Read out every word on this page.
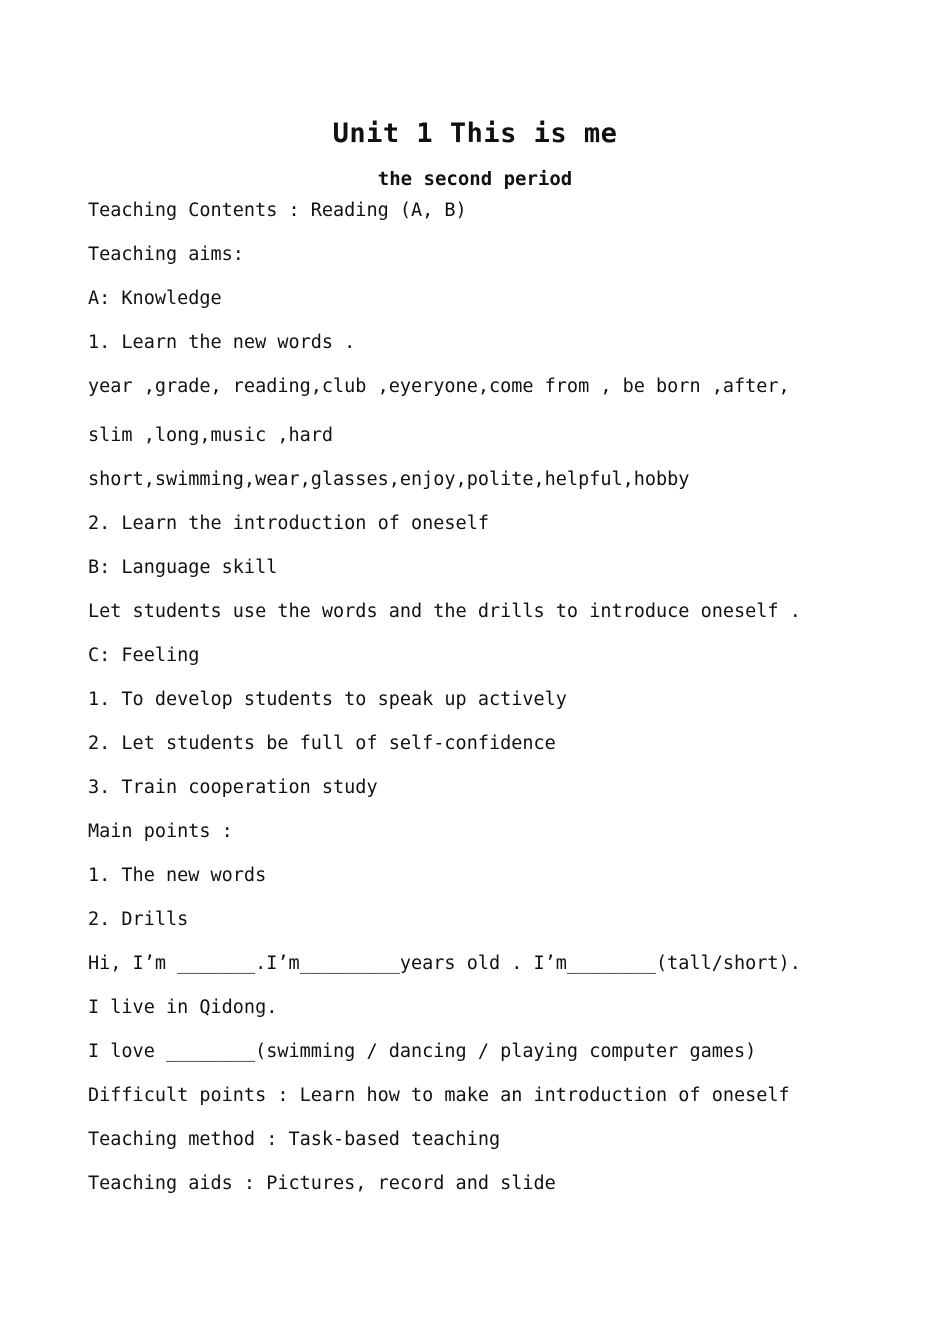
Unit 1 This is me
the second period
Teaching Contents : Reading (A, B)
Teaching aims:
A: Knowledge
1. Learn the new words .
year ,grade, reading,club ,eyeryone,come from , be born ,after,
slim ,long,music ,hard
short,swimming,wear,glasses,enjoy,polite,helpful,hobby
2. Learn the introduction of oneself
B: Language skill
Let students use the words and the drills to introduce oneself .
C: Feeling
1. To develop students to speak up actively
2. Let students be full of self-confidence
3. Train cooperation study
Main points :
1. The new words
2. Drills
Hi, I’m _______.I’m_________years old . I’m________(tall/short).
I live in Qidong.
I love ________(swimming / dancing / playing computer games)
Difficult points : Learn how to make an introduction of oneself
Teaching method : Task-based teaching
Teaching aids : Pictures, record and slide
